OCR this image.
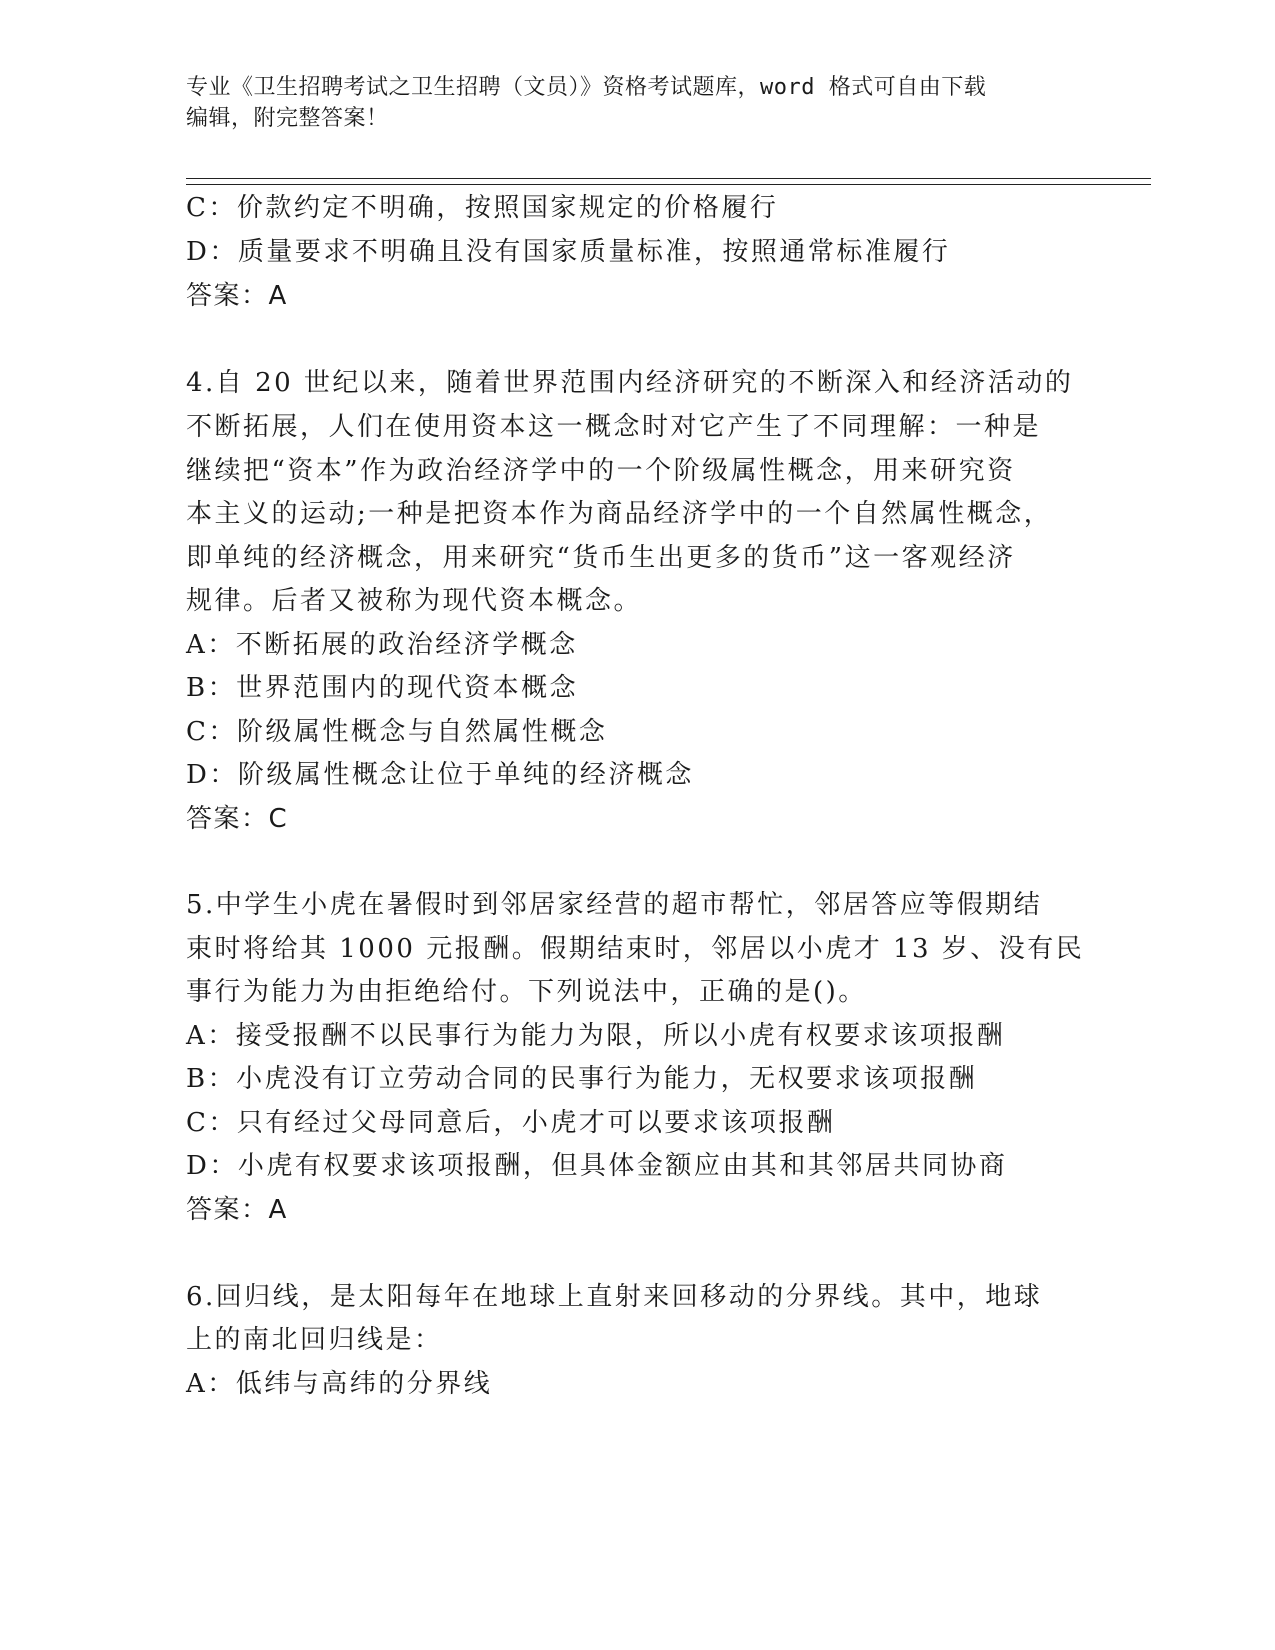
专业《卫生招聘考试之卫生招聘（文员）》资格考试题库，word 格式可自由下载
编辑，附完整答案！
C：价款约定不明确，按照国家规定的价格履行
D：质量要求不明确且没有国家质量标准，按照通常标准履行
答案：A
4.自 20 世纪以来，随着世界范围内经济研究的不断深入和经济活动的
不断拓展，人们在使用资本这一概念时对它产生了不同理解：一种是
继续把“资本”作为政治经济学中的一个阶级属性概念，用来研究资
本主义的运动;一种是把资本作为商品经济学中的一个自然属性概念，
即单纯的经济概念，用来研究“货币生出更多的货币”这一客观经济
规律。后者又被称为现代资本概念。
A：不断拓展的政治经济学概念
B：世界范围内的现代资本概念
C：阶级属性概念与自然属性概念
D：阶级属性概念让位于单纯的经济概念
答案：C
5.中学生小虎在暑假时到邻居家经营的超市帮忙，邻居答应等假期结
束时将给其 1000 元报酬。假期结束时，邻居以小虎才 13 岁、没有民
事行为能力为由拒绝给付。下列说法中，正确的是()。
A：接受报酬不以民事行为能力为限，所以小虎有权要求该项报酬
B：小虎没有订立劳动合同的民事行为能力，无权要求该项报酬
C：只有经过父母同意后，小虎才可以要求该项报酬
D：小虎有权要求该项报酬，但具体金额应由其和其邻居共同协商
答案：A
6.回归线，是太阳每年在地球上直射来回移动的分界线。其中，地球
上的南北回归线是：
A：低纬与高纬的分界线
